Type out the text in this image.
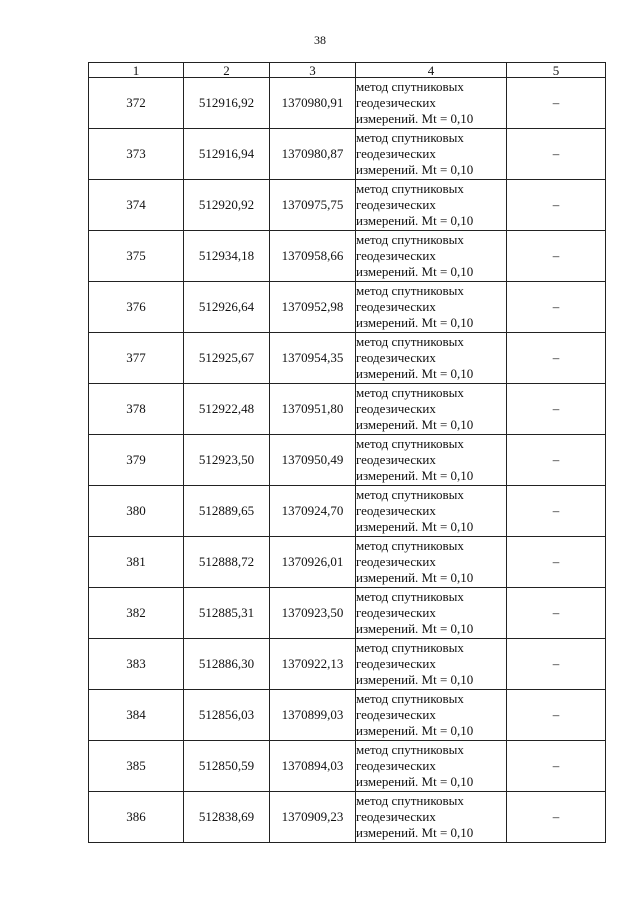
38
1	2	3	4	5
372	512916,92	1370980,91	метод спутниковых
геодезических
измерений. Mt = 0,10	–
373	512916,94	1370980,87	метод спутниковых
геодезических
измерений. Mt = 0,10	–
374	512920,92	1370975,75	метод спутниковых
геодезических
измерений. Mt = 0,10	–
375	512934,18	1370958,66	метод спутниковых
геодезических
измерений. Mt = 0,10	–
376	512926,64	1370952,98	метод спутниковых
геодезических
измерений. Mt = 0,10	–
377	512925,67	1370954,35	метод спутниковых
геодезических
измерений. Mt = 0,10	–
378	512922,48	1370951,80	метод спутниковых
геодезических
измерений. Mt = 0,10	–
379	512923,50	1370950,49	метод спутниковых
геодезических
измерений. Mt = 0,10	–
380	512889,65	1370924,70	метод спутниковых
геодезических
измерений. Mt = 0,10	–
381	512888,72	1370926,01	метод спутниковых
геодезических
измерений. Mt = 0,10	–
382	512885,31	1370923,50	метод спутниковых
геодезических
измерений. Mt = 0,10	–
383	512886,30	1370922,13	метод спутниковых
геодезических
измерений. Mt = 0,10	–
384	512856,03	1370899,03	метод спутниковых
геодезических
измерений. Mt = 0,10	–
385	512850,59	1370894,03	метод спутниковых
геодезических
измерений. Mt = 0,10	–
386	512838,69	1370909,23	метод спутниковых
геодезических
измерений. Mt = 0,10	–
